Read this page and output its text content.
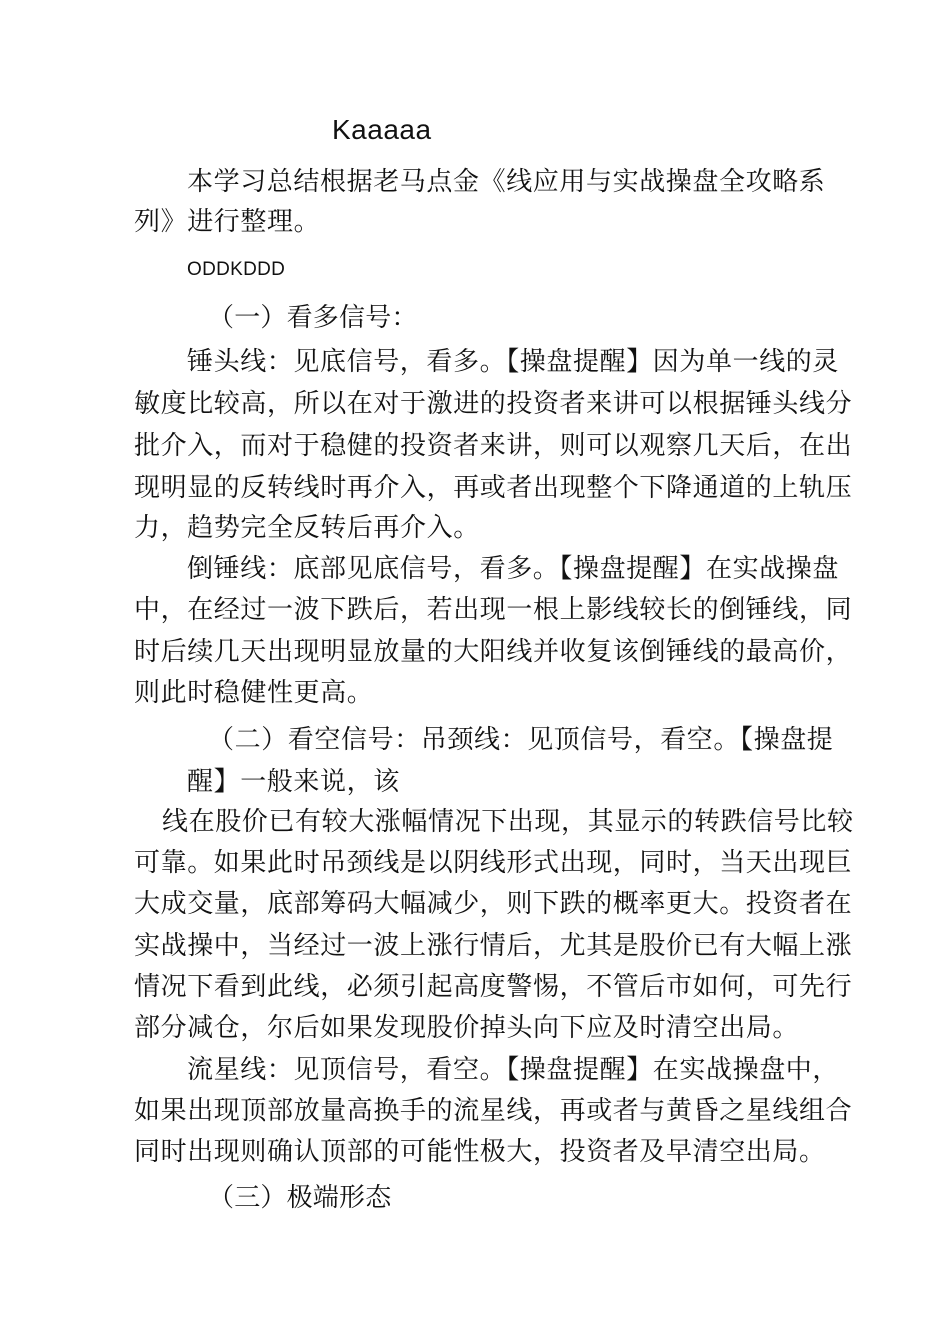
Kaaaaa
本学习总结根据老马点金《线应用与实战操盘全攻略系
列》进行整理。
ODDKDDD
（一）看多信号：
锤头线：见底信号，看多。【操盘提醒】因为单一线的灵
敏度比较高，所以在对于激进的投资者来讲可以根据锤头线分
批介入，而对于稳健的投资者来讲，则可以观察几天后，在出
现明显的反转线时再介入，再或者出现整个下降通道的上轨压
力，趋势完全反转后再介入。
倒锤线：底部见底信号，看多。【操盘提醒】在实战操盘
中，在经过一波下跌后，若出现一根上影线较长的倒锤线，同
时后续几天出现明显放量的大阳线并收复该倒锤线的最高价，
则此时稳健性更高。
（二）看空信号：吊颈线：见顶信号，看空。【操盘提
醒】一般来说，该
线在股价已有较大涨幅情况下出现，其显示的转跌信号比较
可靠。如果此时吊颈线是以阴线形式出现，同时，当天出现巨
大成交量，底部筹码大幅减少，则下跌的概率更大。投资者在
实战操中，当经过一波上涨行情后，尤其是股价已有大幅上涨
情况下看到此线，必须引起高度警惕，不管后市如何，可先行
部分减仓，尔后如果发现股价掉头向下应及时清空出局。
流星线：见顶信号，看空。【操盘提醒】在实战操盘中，
如果出现顶部放量高换手的流星线，再或者与黄昏之星线组合
同时出现则确认顶部的可能性极大，投资者及早清空出局。
（三）极端形态
